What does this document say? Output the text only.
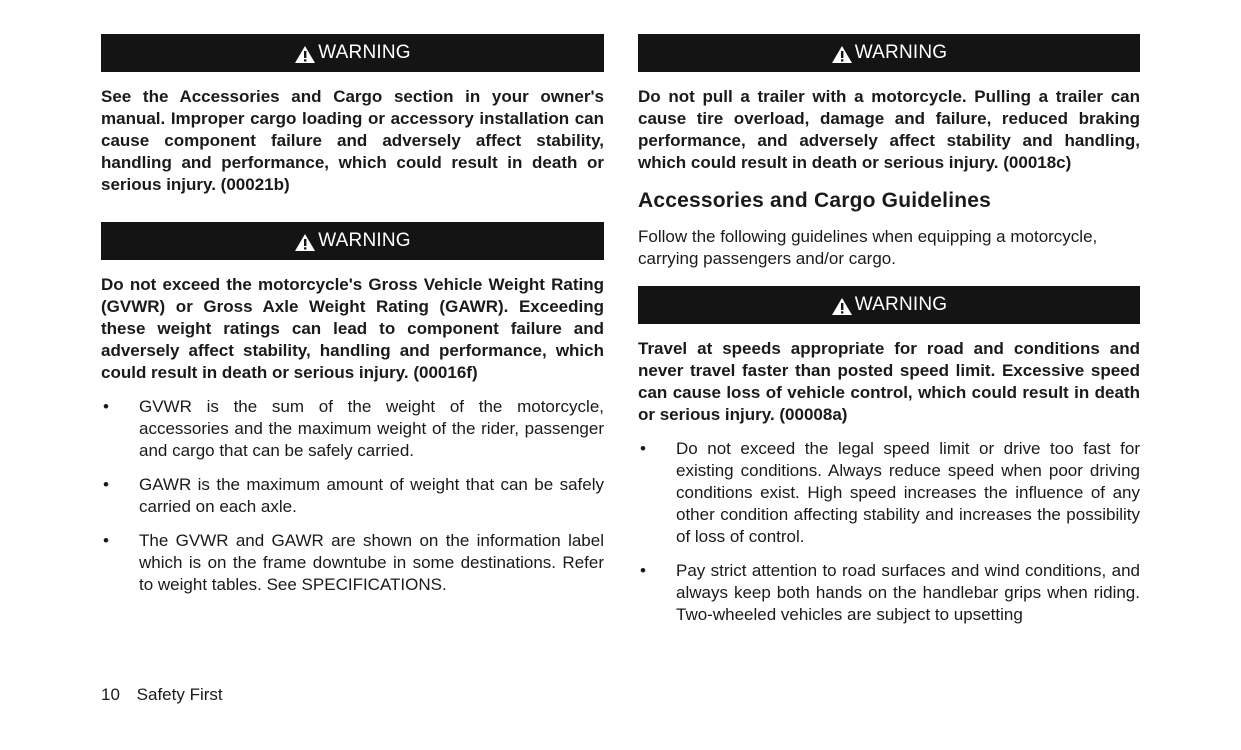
WARNING

See the Accessories and Cargo section in your owner's manual. Improper cargo loading or accessory installation can cause component failure and adversely affect stability, handling and performance, which could result in death or serious injury. (00021b)

WARNING

Do not exceed the motorcycle's Gross Vehicle Weight Rating (GVWR) or Gross Axle Weight Rating (GAWR). Exceeding these weight ratings can lead to component failure and adversely affect stability, handling and performance, which could result in death or serious injury. (00016f)

• GVWR is the sum of the weight of the motorcycle, accessories and the maximum weight of the rider, passenger and cargo that can be safely carried.
• GAWR is the maximum amount of weight that can be safely carried on each axle.
• The GVWR and GAWR are shown on the information label which is on the frame downtube in some destinations. Refer to weight tables. See SPECIFICATIONS.
WARNING

Do not pull a trailer with a motorcycle. Pulling a trailer can cause tire overload, damage and failure, reduced braking performance, and adversely affect stability and handling, which could result in death or serious injury. (00018c)

Accessories and Cargo Guidelines

Follow the following guidelines when equipping a motorcycle, carrying passengers and/or cargo.

WARNING

Travel at speeds appropriate for road and conditions and never travel faster than posted speed limit. Excessive speed can cause loss of vehicle control, which could result in death or serious injury. (00008a)

• Do not exceed the legal speed limit or drive too fast for existing conditions. Always reduce speed when poor driving conditions exist. High speed increases the influence of any other condition affecting stability and increases the possibility of loss of control.
• Pay strict attention to road surfaces and wind conditions, and always keep both hands on the handlebar grips when riding. Two-wheeled vehicles are subject to upsetting
10 Safety First
